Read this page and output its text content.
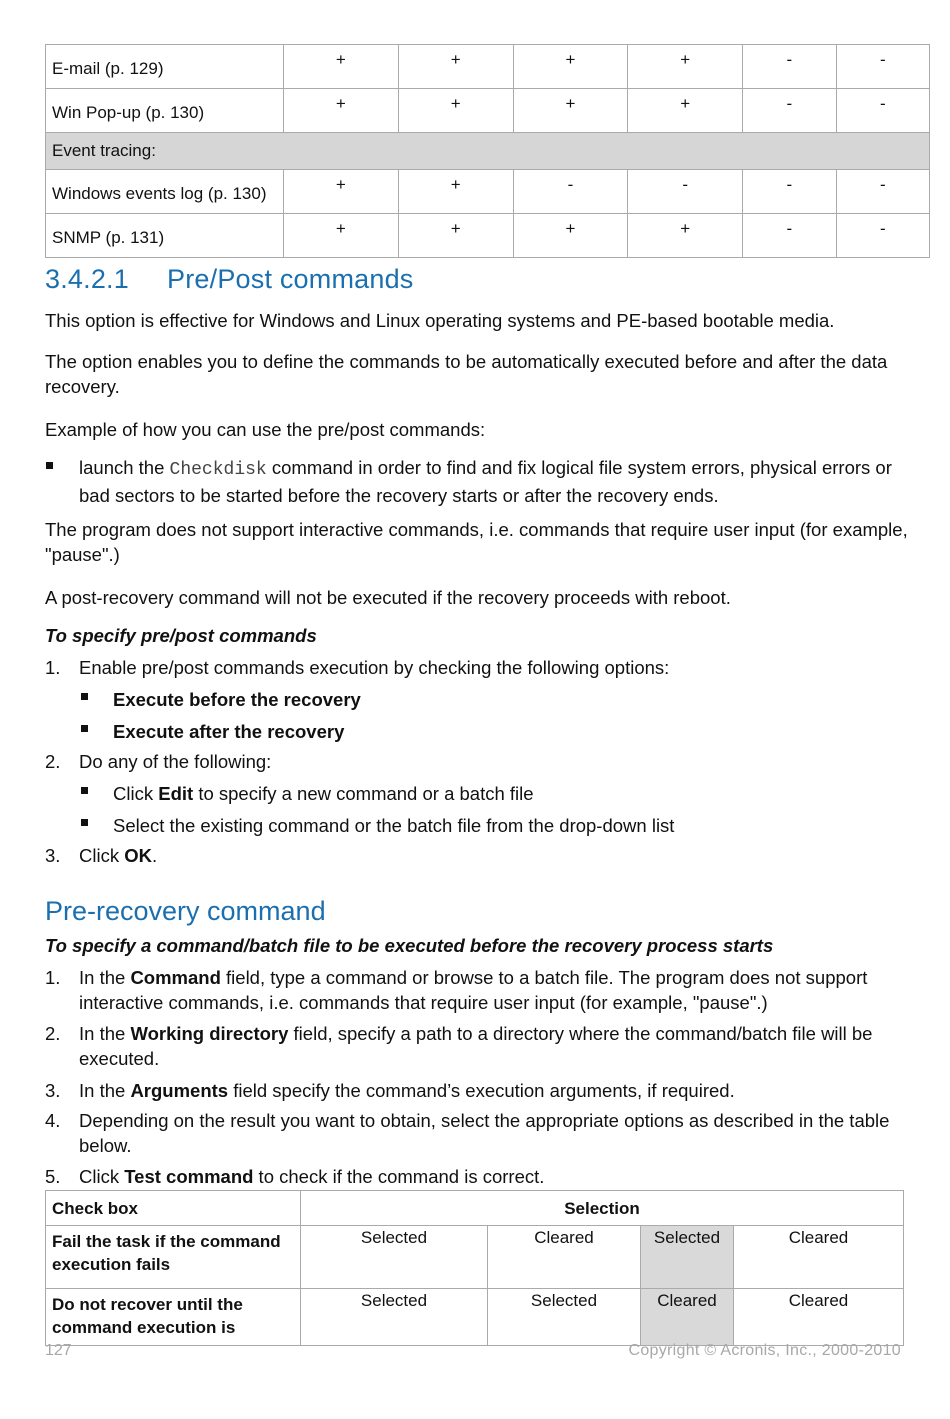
E-mail (p. 129)	+	+	+	+	-	-
Win Pop-up (p. 130)	+	+	+	+	-	-
Event tracing:						
Windows events log (p. 130)	+	+	-	-	-	-
SNMP (p. 131)	+	+	+	+	-	-
3.4.2.1 Pre/Post commands

This option is effective for Windows and Linux operating systems and PE-based bootable media.

The option enables you to define the commands to be automatically executed before and after the data recovery.

Example of how you can use the pre/post commands:

launch the Checkdisk command in order to find and fix logical file system errors, physical errors or bad sectors to be started before the recovery starts or after the recovery ends.

The program does not support interactive commands, i.e. commands that require user input (for example, "pause".)

A post-recovery command will not be executed if the recovery proceeds with reboot.

To specify pre/post commands

1. Enable pre/post commands execution by checking the following options:

Execute before the recovery

Execute after the recovery

2. Do any of the following:

Click Edit to specify a new command or a batch file

Select the existing command or the batch file from the drop-down list

3. Click OK.

Pre-recovery command

To specify a command/batch file to be executed before the recovery process starts

1. In the Command field, type a command or browse to a batch file. The program does not support interactive commands, i.e. commands that require user input (for example, "pause".)

2. In the Working directory field, specify a path to a directory where the command/batch file will be executed.

3. In the Arguments field specify the command’s execution arguments, if required.

4. Depending on the result you want to obtain, select the appropriate options as described in the table below.

5. Click Test command to check if the command is correct.

Check box	Selection			
Fail the task if the command execution fails	Selected	Cleared	Selected	Cleared
Do not recover until the command execution is	Selected	Selected	Cleared	Cleared
127	Copyright © Acronis, Inc., 2000-2010
